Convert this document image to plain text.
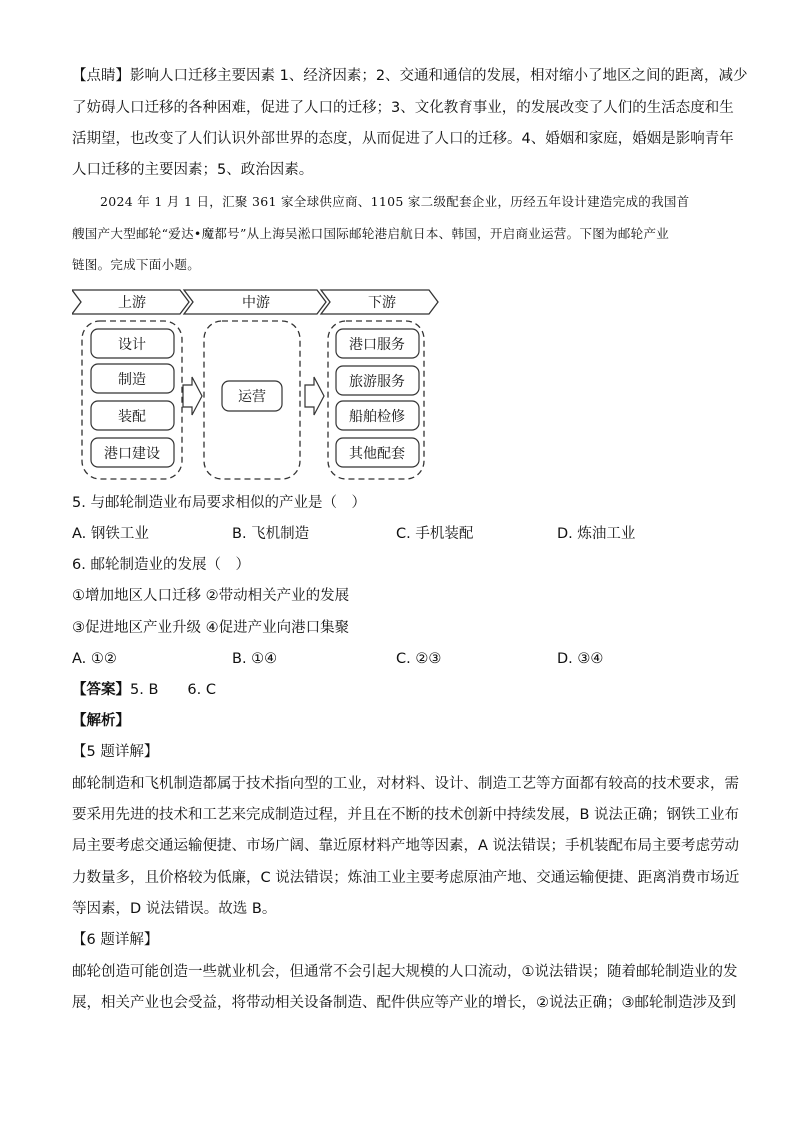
【点睛】影响人口迁移主要因素 1、经济因素；2、交通和通信的发展，相对缩小了地区之间的距离，减少
了妨碍人口迁移的各种困难，促进了人口的迁移；3、文化教育事业，的发展改变了人们的生活态度和生
活期望，也改变了人们认识外部世界的态度，从而促进了人口的迁移。4、婚姻和家庭，婚姻是影响青年
人口迁移的主要因素；5、政治因素。
2024 年 1 月 1 日，汇聚 361 家全球供应商、1105 家二级配套企业，历经五年设计建造完成的我国首
艘国产大型邮轮“爱达•魔都号”从上海吴淞口国际邮轮港启航日本、韩国，开启商业运营。下图为邮轮产业
链图。完成下面小题。
上游	中游	下游
设计
制造
装配
港口建设
运营
港口服务
旅游服务
船舶检修
其他配套
5. 与邮轮制造业布局要求相似的产业是（　）
A. 钢铁工业	B. 飞机制造	C. 手机装配	D. 炼油工业
6. 邮轮制造业的发展（　）
①增加地区人口迁移 ②带动相关产业的发展
③促进地区产业升级 ④促进产业向港口集聚
A. ①②	B. ①④	C. ②③	D. ③④
【答案】5. B　　6. C
【解析】
【5 题详解】
邮轮制造和飞机制造都属于技术指向型的工业，对材料、设计、制造工艺等方面都有较高的技术要求，需
要采用先进的技术和工艺来完成制造过程，并且在不断的技术创新中持续发展，B 说法正确；钢铁工业布
局主要考虑交通运输便捷、市场广阔、靠近原材料产地等因素，A 说法错误；手机装配布局主要考虑劳动
力数量多，且价格较为低廉，C 说法错误；炼油工业主要考虑原油产地、交通运输便捷、距离消费市场近
等因素，D 说法错误。故选 B。
【6 题详解】
邮轮创造可能创造一些就业机会，但通常不会引起大规模的人口流动，①说法错误；随着邮轮制造业的发
展，相关产业也会受益，将带动相关设备制造、配件供应等产业的增长，②说法正确；③邮轮制造涉及到
